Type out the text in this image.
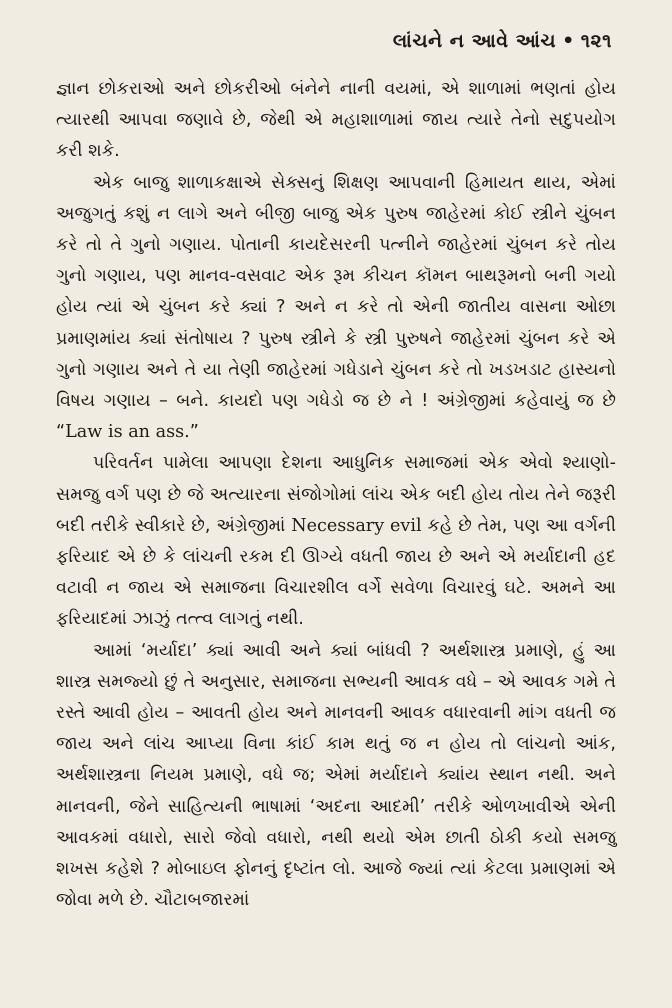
લાંચને ન આવે આંચ • ૧૨૧

જ્ઞાન છોકરાઓ અને છોકરીઓ બંનેને નાની વયમાં, એ શાળામાં ભણતાં હોય ત્યારથી આપવા જણાવે છે, જેથી એ મહાશાળામાં જાય ત્યારે તેનો સદુપયોગ કરી શકે.

એક બાજુ શાળાકક્ષાએ સેક્સનું શિક્ષણ આપવાની હિમાયત થાય, એમાં અજુગતું કશું ન લાગે અને બીજી બાજુ એક પુરુષ જાહેરમાં કોઈ સ્ત્રીને ચુંબન કરે તો તે ગુનો ગણાય. પોતાની કાયદેસરની પત્નીને જાહેરમાં ચુંબન કરે તોય ગુનો ગણાય, પણ માનવ-વસવાટ એક રૂમ કીચન કૉમન બાથરૂમનો બની ગયો હોય ત્યાં એ ચુંબન કરે ક્યાં ? અને ન કરે તો એની જાતીય વાસના ઓછા પ્રમાણમાંય ક્યાં સંતોષાય ? પુરુષ સ્ત્રીને કે સ્ત્રી પુરુષને જાહેરમાં ચુંબન કરે એ ગુનો ગણાય અને તે યા તેણી જાહેરમાં ગધેડાને ચુંબન કરે તો ખડખડાટ હાસ્યનો વિષય ગણાય – બને. કાયદો પણ ગધેડો જ છે ને ! અંગ્રેજીમાં કહેવાયું જ છે “Law is an ass.”

પરિવર્તન પામેલા આપણા દેશના આધુનિક સમાજમાં એક એવો શ્યાણો-સમજુ વર્ગ પણ છે જે અત્યારના સંજોગોમાં લાંચ એક બદી હોય તોય તેને જરૂરી બદી તરીકે સ્વીકારે છે, અંગ્રેજીમાં Necessary evil કહે છે તેમ, પણ આ વર્ગની ફરિયાદ એ છે કે લાંચની રકમ દી ઊગ્યે વધતી જાય છે અને એ મર્યાદાની હદ વટાવી ન જાય એ સમાજના વિચારશીલ વર્ગે સવેળા વિચારવું ઘટે. અમને આ ફરિયાદમાં ઝાઝું તત્ત્વ લાગતું નથી.

આમાં ‘મર્યાદા’ ક્યાં આવી અને ક્યાં બાંધવી ? અર્થશાસ્ત્ર પ્રમાણે, હું આ શાસ્ત્ર સમજ્યો છું તે અનુસાર, સમાજના સભ્યની આવક વધે – એ આવક ગમે તે રસ્તે આવી હોય – આવતી હોય અને માનવની આવક વધારવાની માંગ વધતી જ જાય અને લાંચ આપ્યા વિના કાંઈ કામ થતું જ ન હોય તો લાંચનો આંક, અર્થશાસ્ત્રના નિયમ પ્રમાણે, વધે જ; એમાં મર્યાદાને ક્યાંય સ્થાન નથી. અને માનવની, જેને સાહિત્યની ભાષામાં ‘અદના આદમી’ તરીકે ઓળખાવીએ એની આવકમાં વધારો, સારો જેવો વધારો, નથી થયો એમ છાતી ઠોકી કયો સમજુ શખસ કહેશે ? મોબાઇલ ફોનનું દૃષ્ટાંત લો. આજે જ્યાં ત્યાં કેટલા પ્રમાણમાં એ જોવા મળે છે. ચૌટાબજારમાં
